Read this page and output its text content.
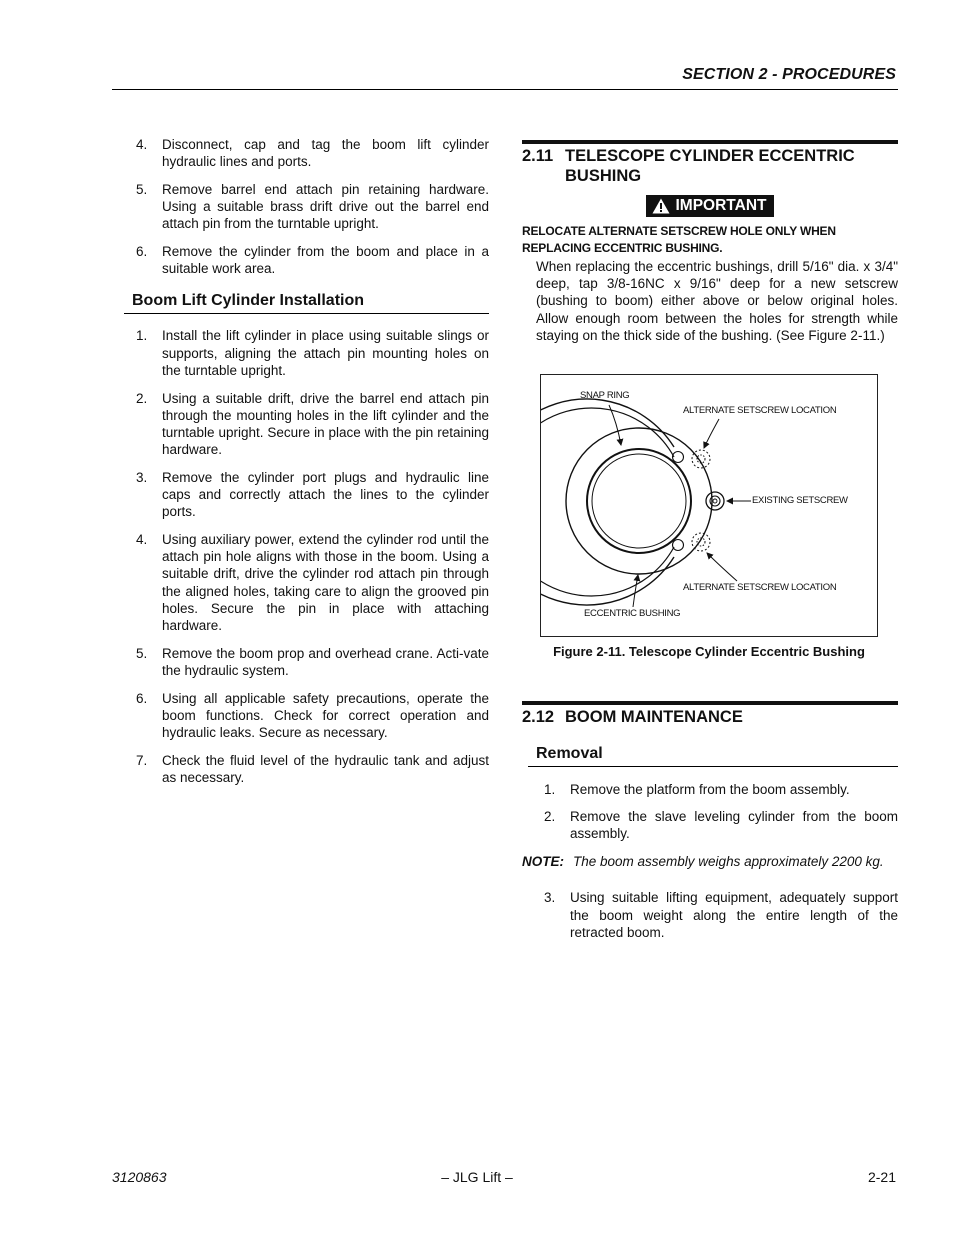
SECTION 2 - PROCEDURES
4. Disconnect, cap and tag the boom lift cylinder hydraulic lines and ports.
5. Remove barrel end attach pin retaining hardware. Using a suitable brass drift drive out the barrel end attach pin from the turntable upright.
6. Remove the cylinder from the boom and place in a suitable work area.
Boom Lift Cylinder Installation
1. Install the lift cylinder in place using suitable slings or supports, aligning the attach pin mounting holes on the turntable upright.
2. Using a suitable drift, drive the barrel end attach pin through the mounting holes in the lift cylinder and the turntable upright. Secure in place with the pin retaining hardware.
3. Remove the cylinder port plugs and hydraulic line caps and correctly attach the lines to the cylinder ports.
4. Using auxiliary power, extend the cylinder rod until the attach pin hole aligns with those in the boom. Using a suitable drift, drive the cylinder rod attach pin through the aligned holes, taking care to align the grooved pin holes. Secure the pin in place with attaching hardware.
5. Remove the boom prop and overhead crane. Acti-vate the hydraulic system.
6. Using all applicable safety precautions, operate the boom functions. Check for correct operation and hydraulic leaks. Secure as necessary.
7. Check the fluid level of the hydraulic tank and adjust as necessary.
2.11 TELESCOPE CYLINDER ECCENTRIC BUSHING
IMPORTANT
RELOCATE ALTERNATE SETSCREW HOLE ONLY WHEN REPLACING ECCENTRIC BUSHING.
When replacing the eccentric bushings, drill 5/16" dia. x 3/4" deep, tap 3/8-16NC x 9/16" deep for a new setscrew (bushing to boom) either above or below original holes. Allow enough room between the holes for strength while staying on the thick side of the bushing. (See Figure 2-11.)
SNAP RING
ALTERNATE SETSCREW LOCATION
EXISTING SETSCREW
ALTERNATE SETSCREW LOCATION
ECCENTRIC BUSHING
Figure 2-11. Telescope Cylinder Eccentric Bushing
2.12 BOOM MAINTENANCE
Removal
1. Remove the platform from the boom assembly.
2. Remove the slave leveling cylinder from the boom assembly.
NOTE: The boom assembly weighs approximately 2200 kg.
3. Using suitable lifting equipment, adequately support the boom weight along the entire length of the retracted boom.
– JLG Lift –
3120863	2-21
